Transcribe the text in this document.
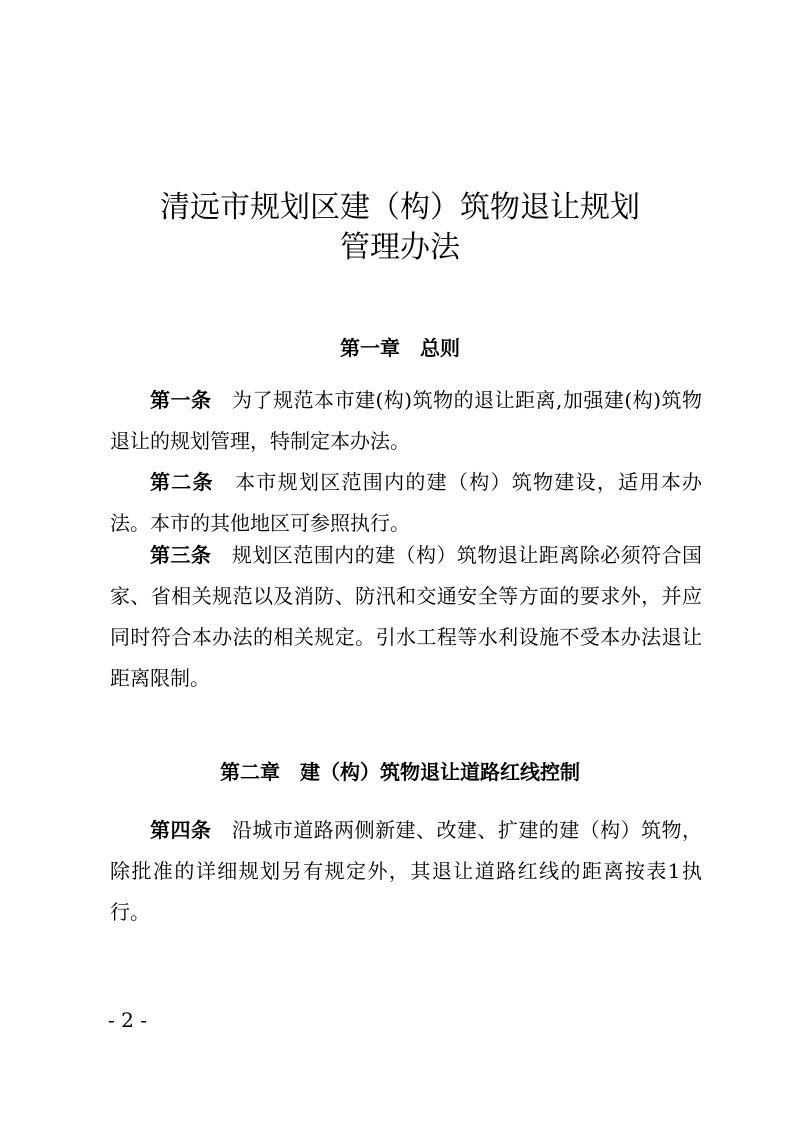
清远市规划区建（构）筑物退让规划
管理办法
第一章 总则
第一条 为了规范本市建(构)筑物的退让距离,加强建(构)筑物退让的规划管理，特制定本办法。
第二条 本市规划区范围内的建（构）筑物建设，适用本办法。本市的其他地区可参照执行。
第三条 规划区范围内的建（构）筑物退让距离除必须符合国家、省相关规范以及消防、防汛和交通安全等方面的要求外，并应同时符合本办法的相关规定。引水工程等水利设施不受本办法退让距离限制。
第二章 建（构）筑物退让道路红线控制
第四条 沿城市道路两侧新建、改建、扩建的建（构）筑物，除批准的详细规划另有规定外，其退让道路红线的距离按表1执行。
- 2 -
